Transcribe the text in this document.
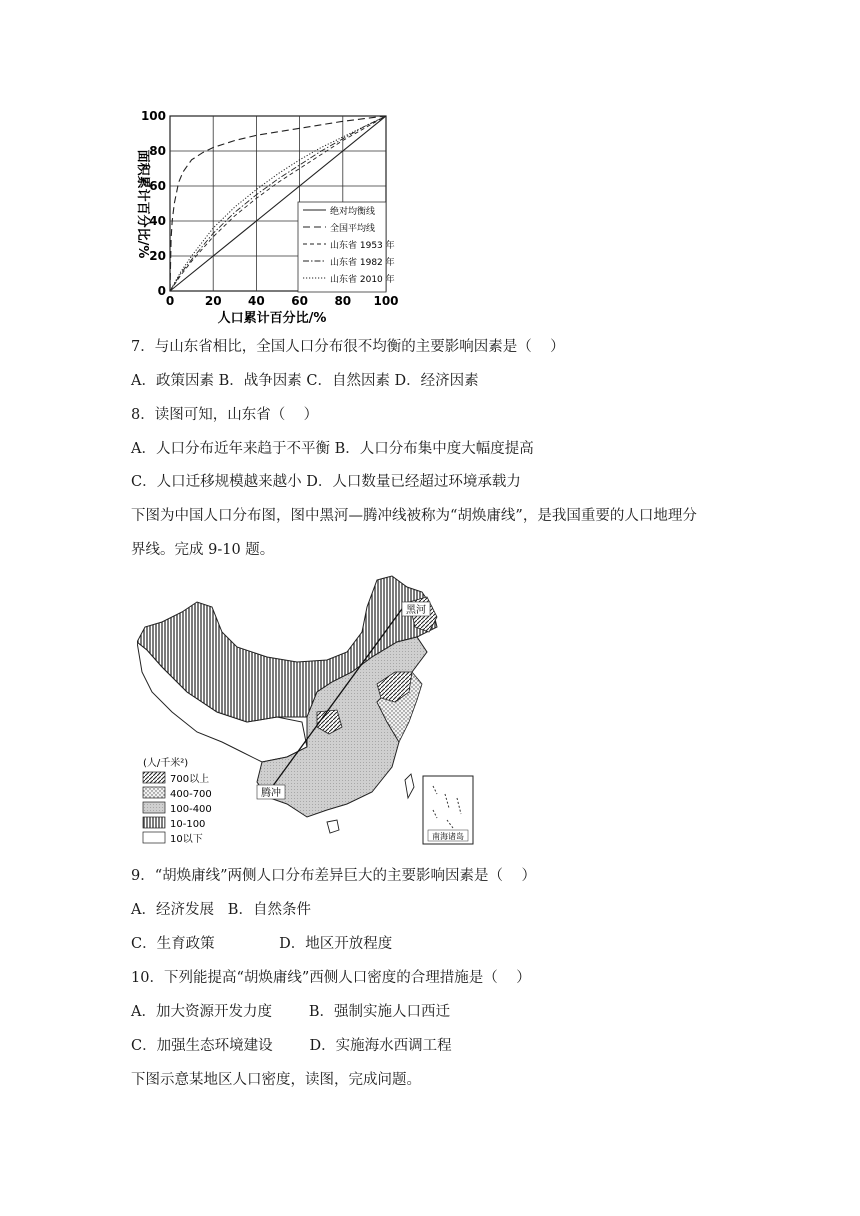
0	20 40 60 80 100
0
20
40
60
80
100
人口累计百分比/%
面积累计百分比/%	绝对均衡线
全国平均线
山东省 1953 年
山东省 1982 年
山东省 2010 年
7．与山东省相比，全国人口分布很不均衡的主要影响因素是（    ）
A．政策因素 B．战争因素 C．自然因素 D．经济因素
8．读图可知，山东省（    ）
A．人口分布近年来趋于不平衡 B．人口分布集中度大幅度提高
C．人口迁移规模越来越小 D．人口数量已经超过环境承载力
下图为中国人口分布图，图中黑河—腾冲线被称为“胡焕庸线”，是我国重要的人口地理分
界线。完成 9-10 题。
黑河
腾冲
南海诸岛
(人/千米²)
700以上
400-700
100-400
10-100
10以下
9．“胡焕庸线”两侧人口分布差异巨大的主要影响因素是（    ）
A．经济发展   B．自然条件
C．生育政策              D．地区开放程度
10．下列能提高“胡焕庸线”西侧人口密度的合理措施是（    ）
A．加大资源开发力度        B．强制实施人口西迁
C．加强生态环境建设        D．实施海水西调工程
下图示意某地区人口密度，读图，完成问题。
